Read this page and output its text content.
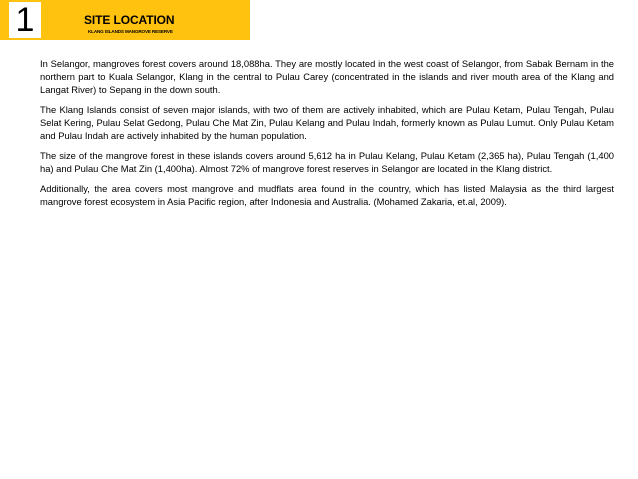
1	SITE LOCATION
KLANG ISLANDS MANGROVE RESERVE

In Selangor, mangroves forest covers around 18,088ha. They are mostly located in the west coast of Selangor, from Sabak Bernam in the northern part to Kuala Selangor, Klang in the central to Pulau Carey (concentrated in the islands and river mouth area of the Klang and Langat River) to Sepang in the down south.

The Klang Islands consist of seven major islands, with two of them are actively inhabited, which are Pulau Ketam, Pulau Tengah, Pulau Selat Kering, Pulau Selat Gedong, Pulau Che Mat Zin, Pulau Kelang and Pulau Indah, formerly known as Pulau Lumut. Only Pulau Ketam and Pulau Indah are actively inhabited by the human population.

The size of the mangrove forest in these islands covers around 5,612 ha in Pulau Kelang, Pulau Ketam (2,365 ha), Pulau Tengah (1,400 ha) and Pulau Che Mat Zin (1,400ha). Almost 72% of mangrove forest reserves in Selangor are located in the Klang district.

Additionally, the area covers most mangrove and mudflats area found in the country, which has listed Malaysia as the third largest mangrove forest ecosystem in Asia Pacific region, after Indonesia and Australia. (Mohamed Zakaria, et.al, 2009).
